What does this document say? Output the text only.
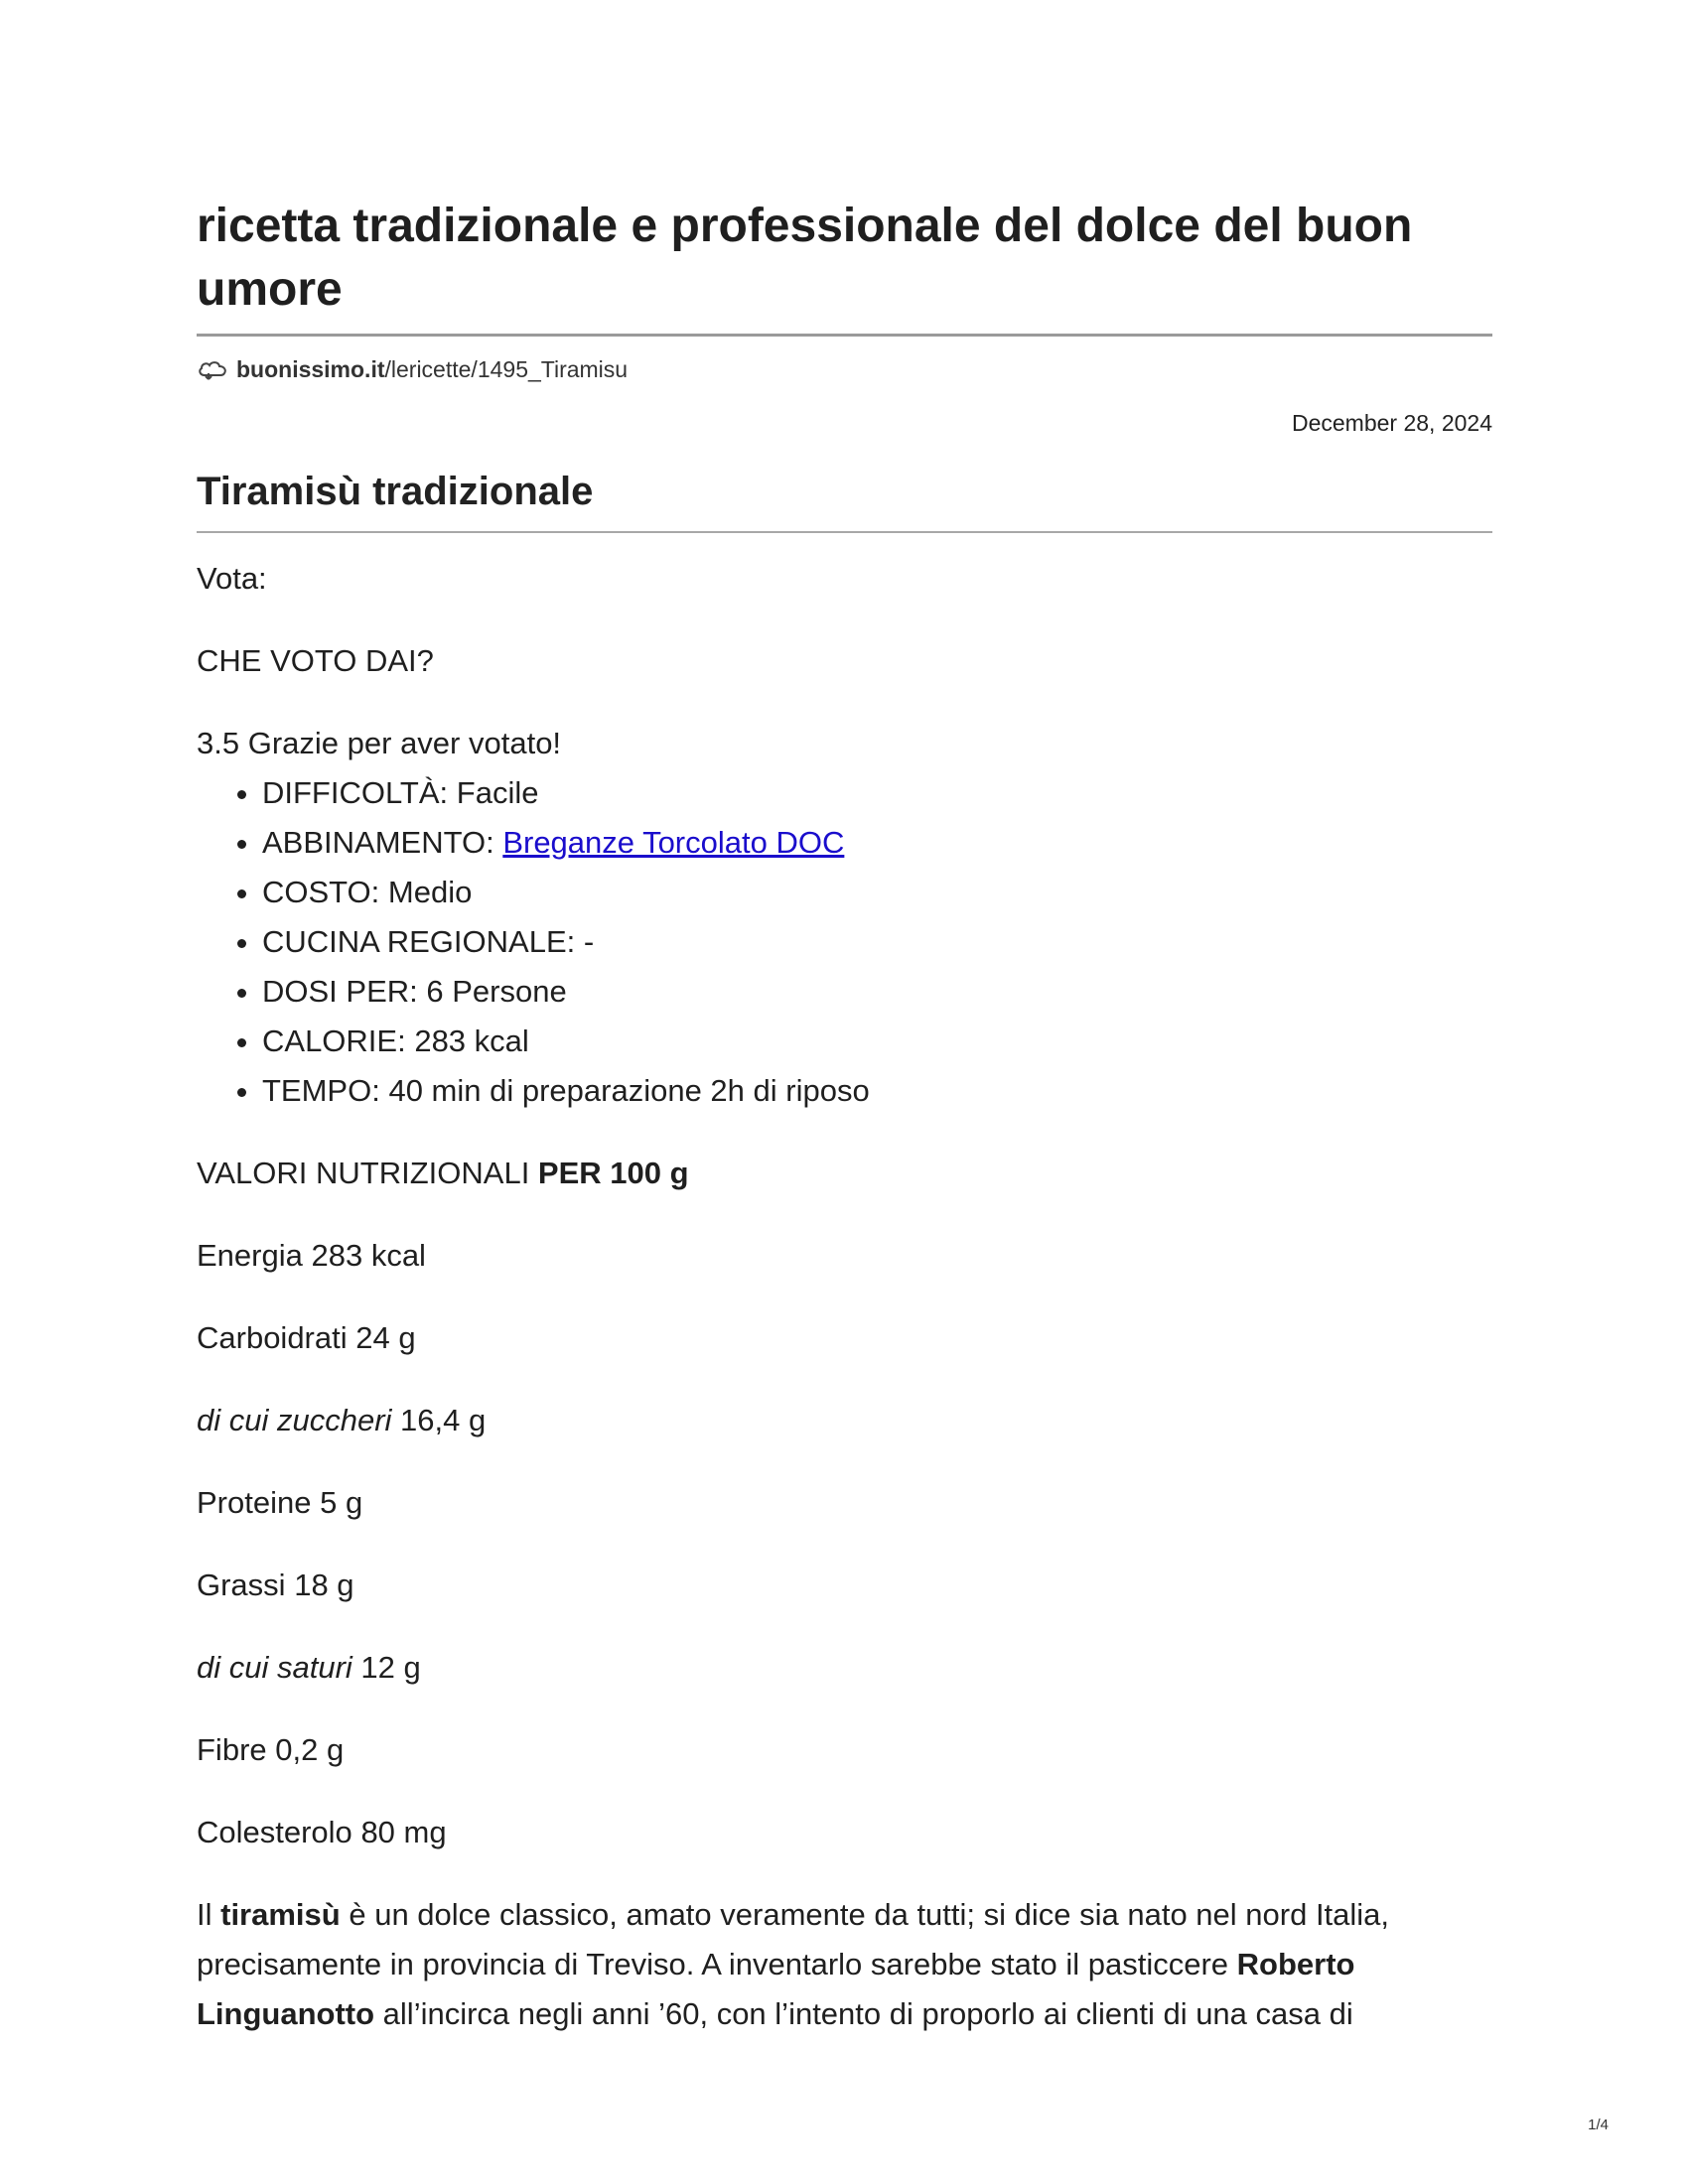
ricetta tradizionale e professionale del dolce del buon umore
buonissimo.it /lericette/1495_Tiramisu
December 28, 2024
Tiramisù tradizionale

Vota:

CHE VOTO DAI?

3.5 Grazie per aver votato!

• DIFFICOLTÀ: Facile
• ABBINAMENTO: Breganze Torcolato DOC
• COSTO: Medio
• CUCINA REGIONALE: -
• DOSI PER: 6 Persone
• CALORIE: 283 kcal
• TEMPO: 40 min di preparazione 2h di riposo

VALORI NUTRIZIONALI PER 100 g

Energia 283 kcal

Carboidrati 24 g

di cui zuccheri 16,4 g

Proteine 5 g

Grassi 18 g

di cui saturi 12 g

Fibre 0,2 g

Colesterolo 80 mg

Il tiramisù è un dolce classico, amato veramente da tutti; si dice sia nato nel nord Italia, precisamente in provincia di Treviso. A inventarlo sarebbe stato il pasticcere Roberto Linguanotto all’incirca negli anni ’60, con l’intento di proporlo ai clienti di una casa di

1/4
